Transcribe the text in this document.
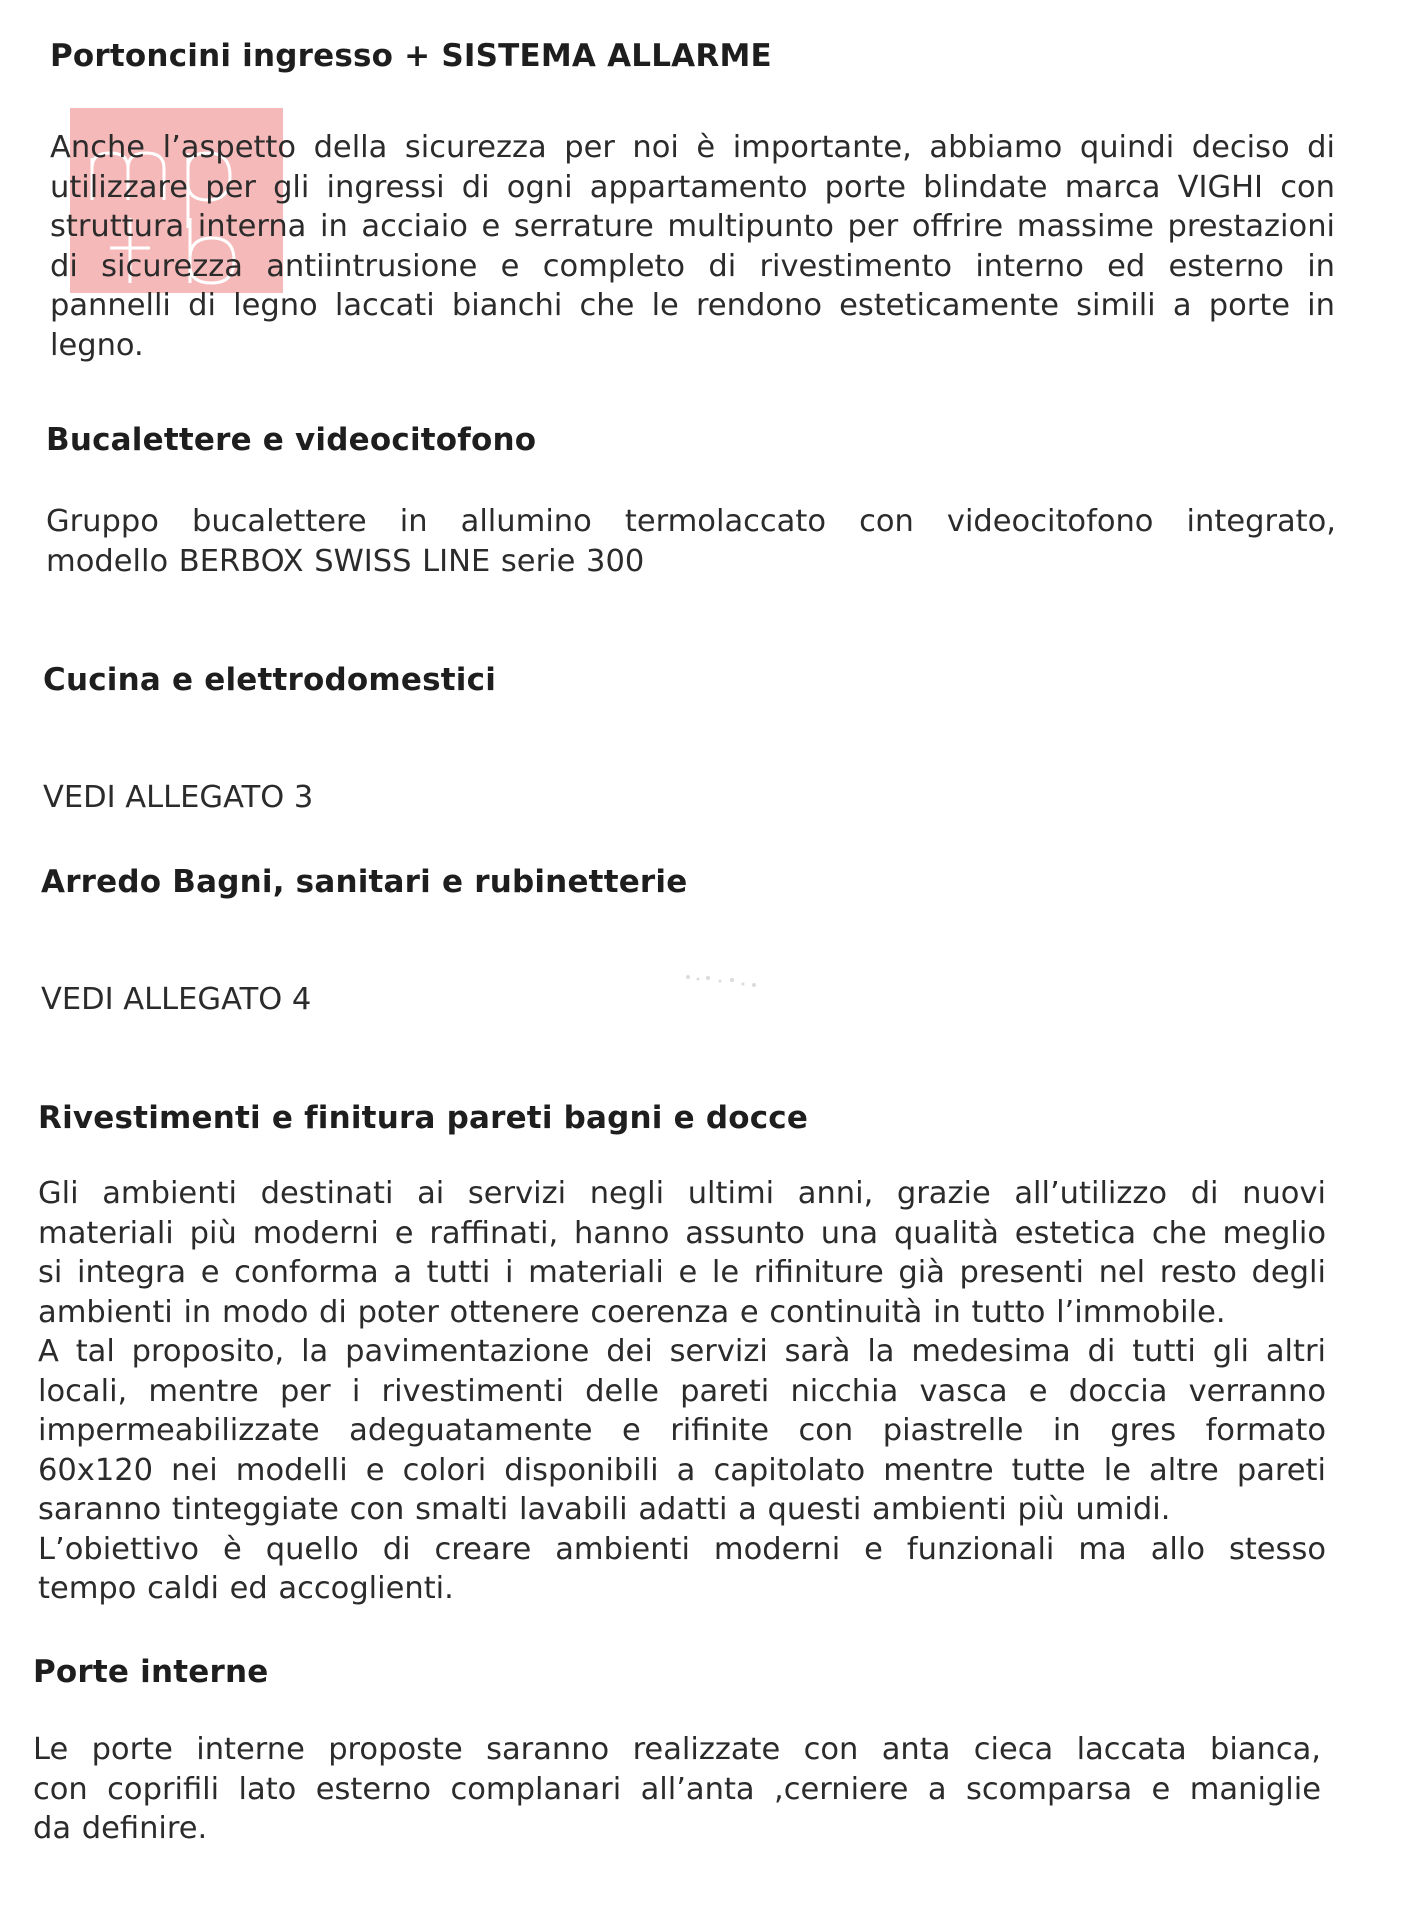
Portoncini ingresso + SISTEMA ALLARME
Anche l’aspetto della sicurezza per noi è importante, abbiamo quindi deciso di
utilizzare per gli ingressi di ogni appartamento porte blindate marca VIGHI con
struttura interna in acciaio e serrature multipunto per offrire massime prestazioni
di sicurezza antiintrusione e completo di rivestimento interno ed esterno in
pannelli di legno laccati bianchi che le rendono esteticamente simili a porte in
legno.
Bucalettere e videocitofono
Gruppo bucalettere in allumino termolaccato con videocitofono integrato,
modello BERBOX SWISS LINE serie 300
Cucina e elettrodomestici

VEDI ALLEGATO 3

Arredo Bagni, sanitari e rubinetterie

VEDI ALLEGATO 4

Rivestimenti e finitura pareti bagni e docce
Gli ambienti destinati ai servizi negli ultimi anni, grazie all’utilizzo di nuovi
materiali più moderni e raffinati, hanno assunto una qualità estetica che meglio
si integra e conforma a tutti i materiali e le rifiniture già presenti nel resto degli
ambienti in modo di poter ottenere coerenza e continuità in tutto l’immobile.
A tal proposito, la pavimentazione dei servizi sarà la medesima di tutti gli altri
locali, mentre per i rivestimenti delle pareti nicchia vasca e doccia verranno
impermeabilizzate adeguatamente e rifinite con piastrelle in gres formato
60x120 nei modelli e colori disponibili a capitolato mentre tutte le altre pareti
saranno tinteggiate con smalti lavabili adatti a questi ambienti più umidi.
L’obiettivo è quello di creare ambienti moderni e funzionali ma allo stesso
tempo caldi ed accoglienti.
Porte interne
Le porte interne proposte saranno realizzate con anta cieca laccata bianca,
con coprifili lato esterno complanari all’anta ,cerniere a scomparsa e maniglie
da definire.
